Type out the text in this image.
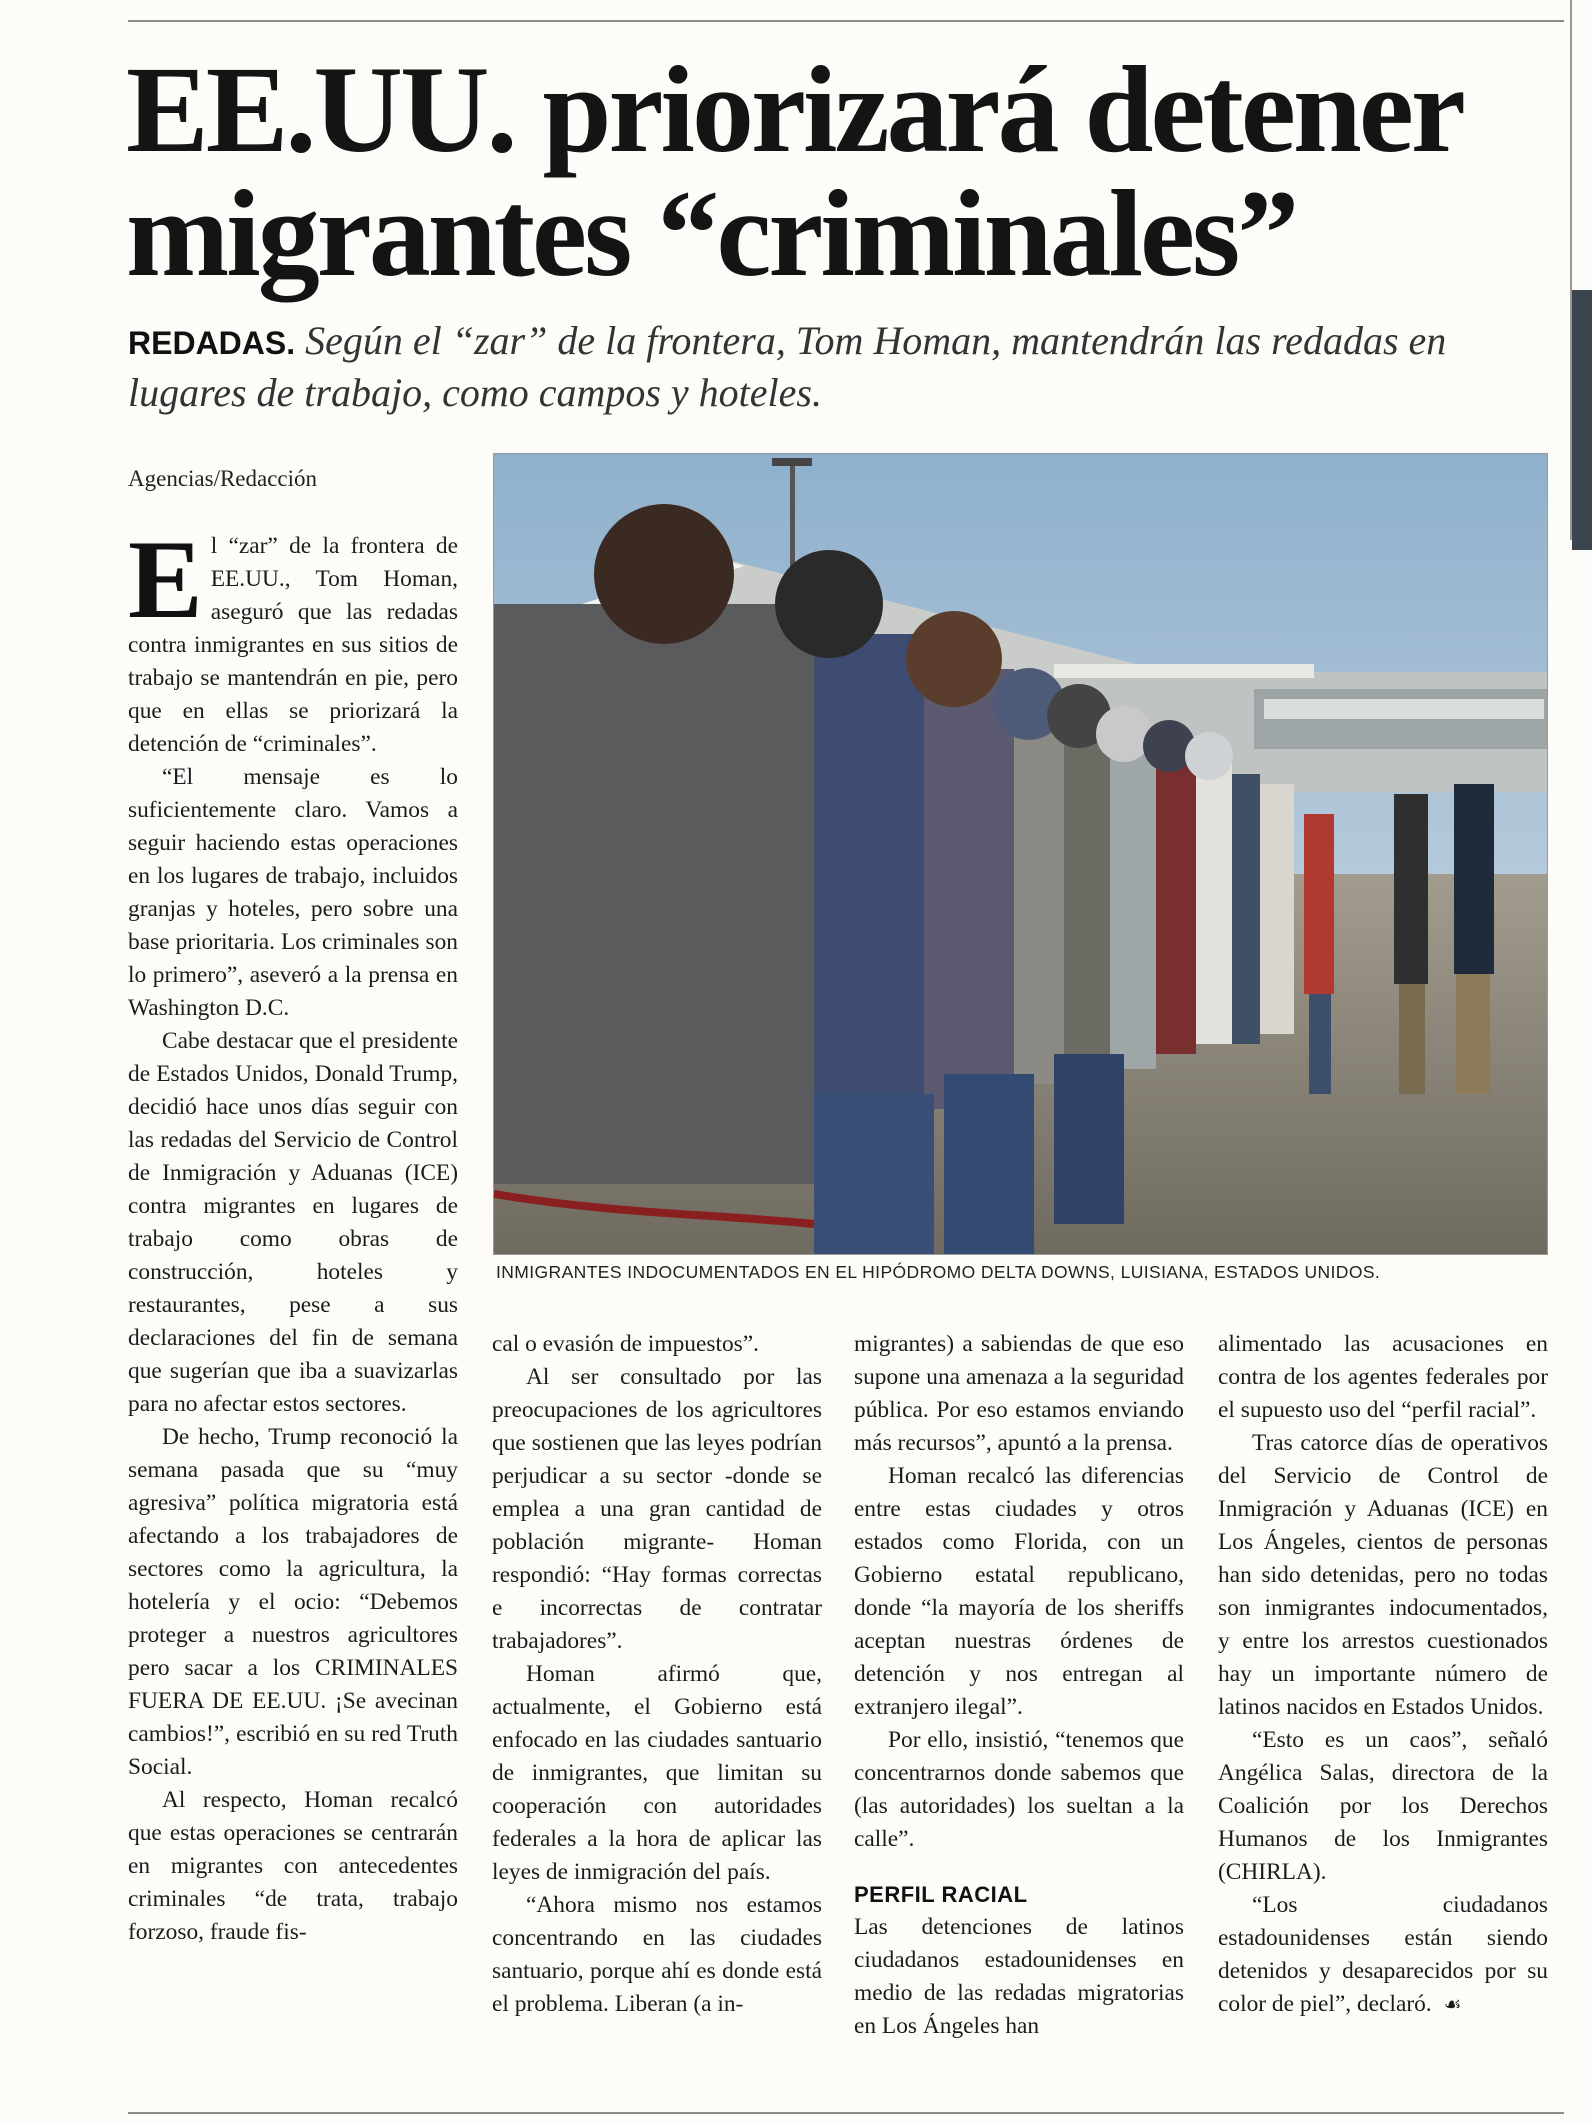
EE.UU. priorizará detener migrantes “criminales”

REDADAS. Según el “zar” de la frontera, Tom Homan, mantendrán las redadas en lugares de trabajo, como campos y hoteles.

Agencias/Redacción
E l “zar” de la frontera de EE.UU., Tom Homan, aseguró que las redadas contra inmigrantes en sus sitios de trabajo se mantendrán en pie, pero que en ellas se priorizará la detención de “criminales”.

“El mensaje es lo suficientemente claro. Vamos a seguir haciendo estas operaciones en los lugares de trabajo, incluidos granjas y hoteles, pero sobre una base prioritaria. Los criminales son lo primero”, aseveró a la prensa en Washington D.C.

Cabe destacar que el presidente de Estados Unidos, Donald Trump, decidió hace unos días seguir con las redadas del Servicio de Control de Inmigración y Aduanas (ICE) contra migrantes en lugares de trabajo como obras de construcción, hoteles y restaurantes, pese a sus declaraciones del fin de semana que sugerían que iba a suavizarlas para no afectar estos sectores.

De hecho, Trump reconoció la semana pasada que su “muy agresiva” política migratoria está afectando a los trabajadores de sectores como la agricultura, la hotelería y el ocio: “Debemos proteger a nuestros agricultores pero sacar a los CRIMINALES FUERA DE EE.UU. ¡Se avecinan cambios!”, escribió en su red Truth Social.

Al respecto, Homan recalcó que estas operaciones se centrarán en migrantes con antecedentes criminales “de trata, trabajo forzoso, fraude fis-

INMIGRANTES INDOCUMENTADOS EN EL HIPÓDROMO DELTA DOWNS, LUISIANA, ESTADOS UNIDOS.

cal o evasión de impuestos”.

Al ser consultado por las preocupaciones de los agricultores que sostienen que las leyes podrían perjudicar a su sector -donde se emplea a una gran cantidad de población migrante- Homan respondió: “Hay formas correctas e incorrectas de contratar trabajadores”.

Homan afirmó que, actualmente, el Gobierno está enfocado en las ciudades santuario de inmigrantes, que limitan su cooperación con autoridades federales a la hora de aplicar las leyes de inmigración del país.

“Ahora mismo nos estamos concentrando en las ciudades santuario, porque ahí es donde está el problema. Liberan (a in-

migrantes) a sabiendas de que eso supone una amenaza a la seguridad pública. Por eso estamos enviando más recursos”, apuntó a la prensa.

Homan recalcó las diferencias entre estas ciudades y otros estados como Florida, con un Gobierno estatal republicano, donde “la mayoría de los sheriffs aceptan nuestras órdenes de detención y nos entregan al extranjero ilegal”.

Por ello, insistió, “tenemos que concentrarnos donde sabemos que (las autoridades) los sueltan a la calle”.

PERFIL RACIAL

Las detenciones de latinos ciudadanos estadounidenses en medio de las redadas migratorias en Los Ángeles han

alimentado las acusaciones en contra de los agentes federales por el supuesto uso del “perfil racial”.

Tras catorce días de operativos del Servicio de Control de Inmigración y Aduanas (ICE) en Los Ángeles, cientos de personas han sido detenidas, pero no todas son inmigrantes indocumentados, y entre los arrestos cuestionados hay un importante número de latinos nacidos en Estados Unidos.

“Esto es un caos”, señaló Angélica Salas, directora de la Coalición por los Derechos Humanos de los Inmigrantes (CHIRLA).

“Los ciudadanos estadounidenses están siendo detenidos y desaparecidos por su color de piel”, declaró. ☙
